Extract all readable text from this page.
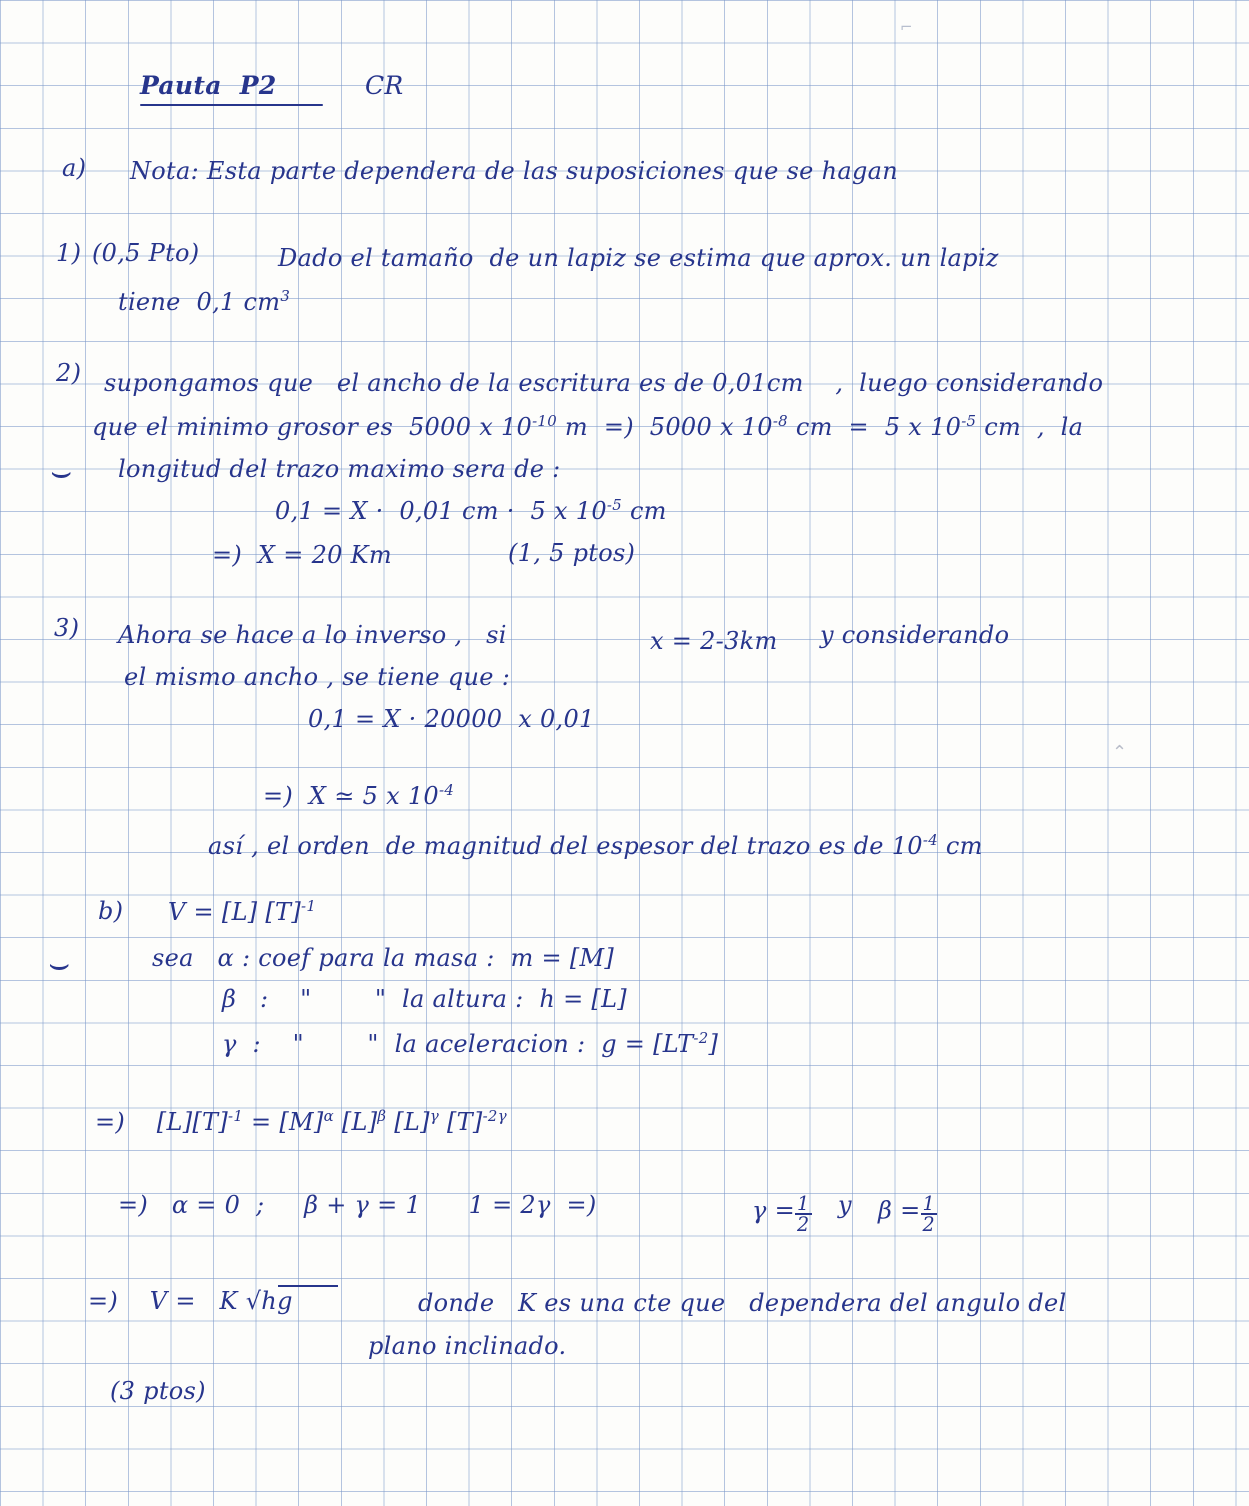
⌐
⌃
Pauta  P2	CR
a) Nota: Esta parte dependera de las suposiciones que se hagan
1) (0,5 Pto)	Dado el tamaño  de un lapiz se estima que aprox. un lapiz
tiene  0,1 $cm^3$
2) supongamos que   el ancho de la escritura es de 0,01cm    ,  luego considerando
que el minimo grosor es  5000 x $10^{-10}$ m  =)  5000 x $10^{-8}$ cm  =  5 x $10^{-5}$ cm  ,  la
longitud del trazo maximo sera de :
⌣
0,1 = X ·  0,01 cm ·  5 x $10^{-5}$ cm
=)  X = 20 Km	(1, 5 ptos)
3) Ahora se hace a lo inverso ,   si	x = 2-3km y considerando
el mismo ancho , se tiene que :
0,1 = X · 20000  x 0,01
=)  X ≃ 5 x $10^{-4}$
así , el orden  de magnitud del espesor del trazo es de $10^{-4}$ cm
b) V = [L] $[T]^{-1}$
⌣	sea   α : coef para la masa :  m = [M]
β   :    "        "  la altura :  h = [L]
γ  :    "        "  la aceleracion :  $g = [LT^{-2}]$
=)    $[L][T]^{-1} = [M]^\alpha$ $[L]^\beta$ $[L]^\gamma$ $[T]^{-2\gamma}$
=)   α = 0  ;     β + γ = 1      1 = 2γ  =)	$\gamma = \frac{1}{2}$ y $\beta = \frac{1}{2}$
=)    V =   K √hg	donde   K es una cte que   dependera del angulo del
plano inclinado.
(3 ptos)
